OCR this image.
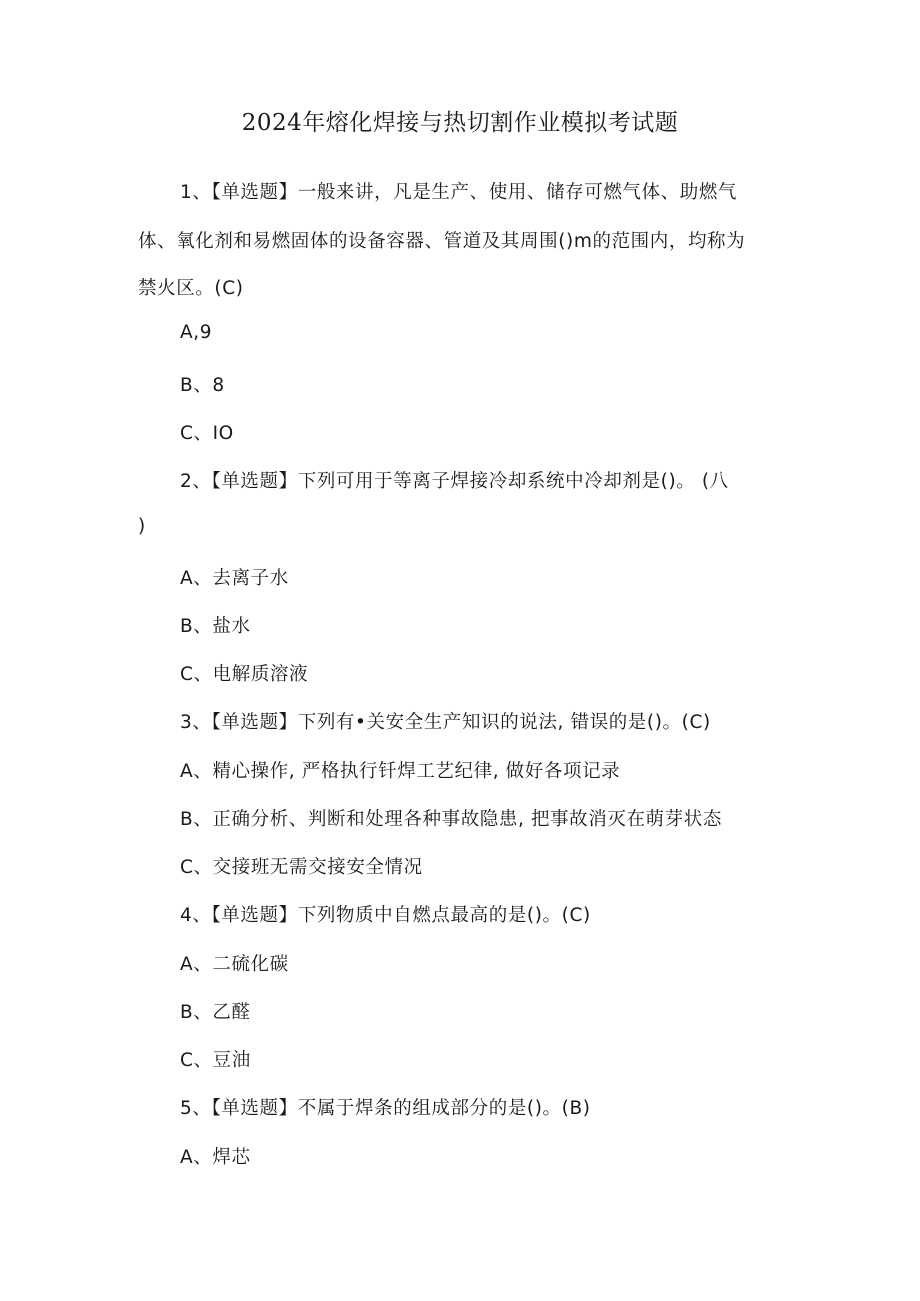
2024年熔化焊接与热切割作业模拟考试题

1、【单选题】一般来讲，凡是生产、使用、储存可燃气体、助燃气

体、氧化剂和易燃固体的设备容器、管道及其周围()m的范围内，均称为

禁火区。(C)

A,9

B、8

C、IO

2、【单选题】下列可用于等离子焊接冷却系统中冷却剂是()。 (八

)

A、去离子水

B、盐水

C、电解质溶液

3、【单选题】下列有•关安全生产知识的说法, 错误的是()。(C)

A、精心操作, 严格执行钎焊工艺纪律, 做好各项记录

B、正确分析、判断和处理各种事故隐患, 把事故消灭在萌芽状态

C、交接班无需交接安全情况

4、【单选题】下列物质中自燃点最高的是()。(C)

A、二硫化碳

B、乙醛

C、豆油

5、【单选题】不属于焊条的组成部分的是()。(B)

A、焊芯
